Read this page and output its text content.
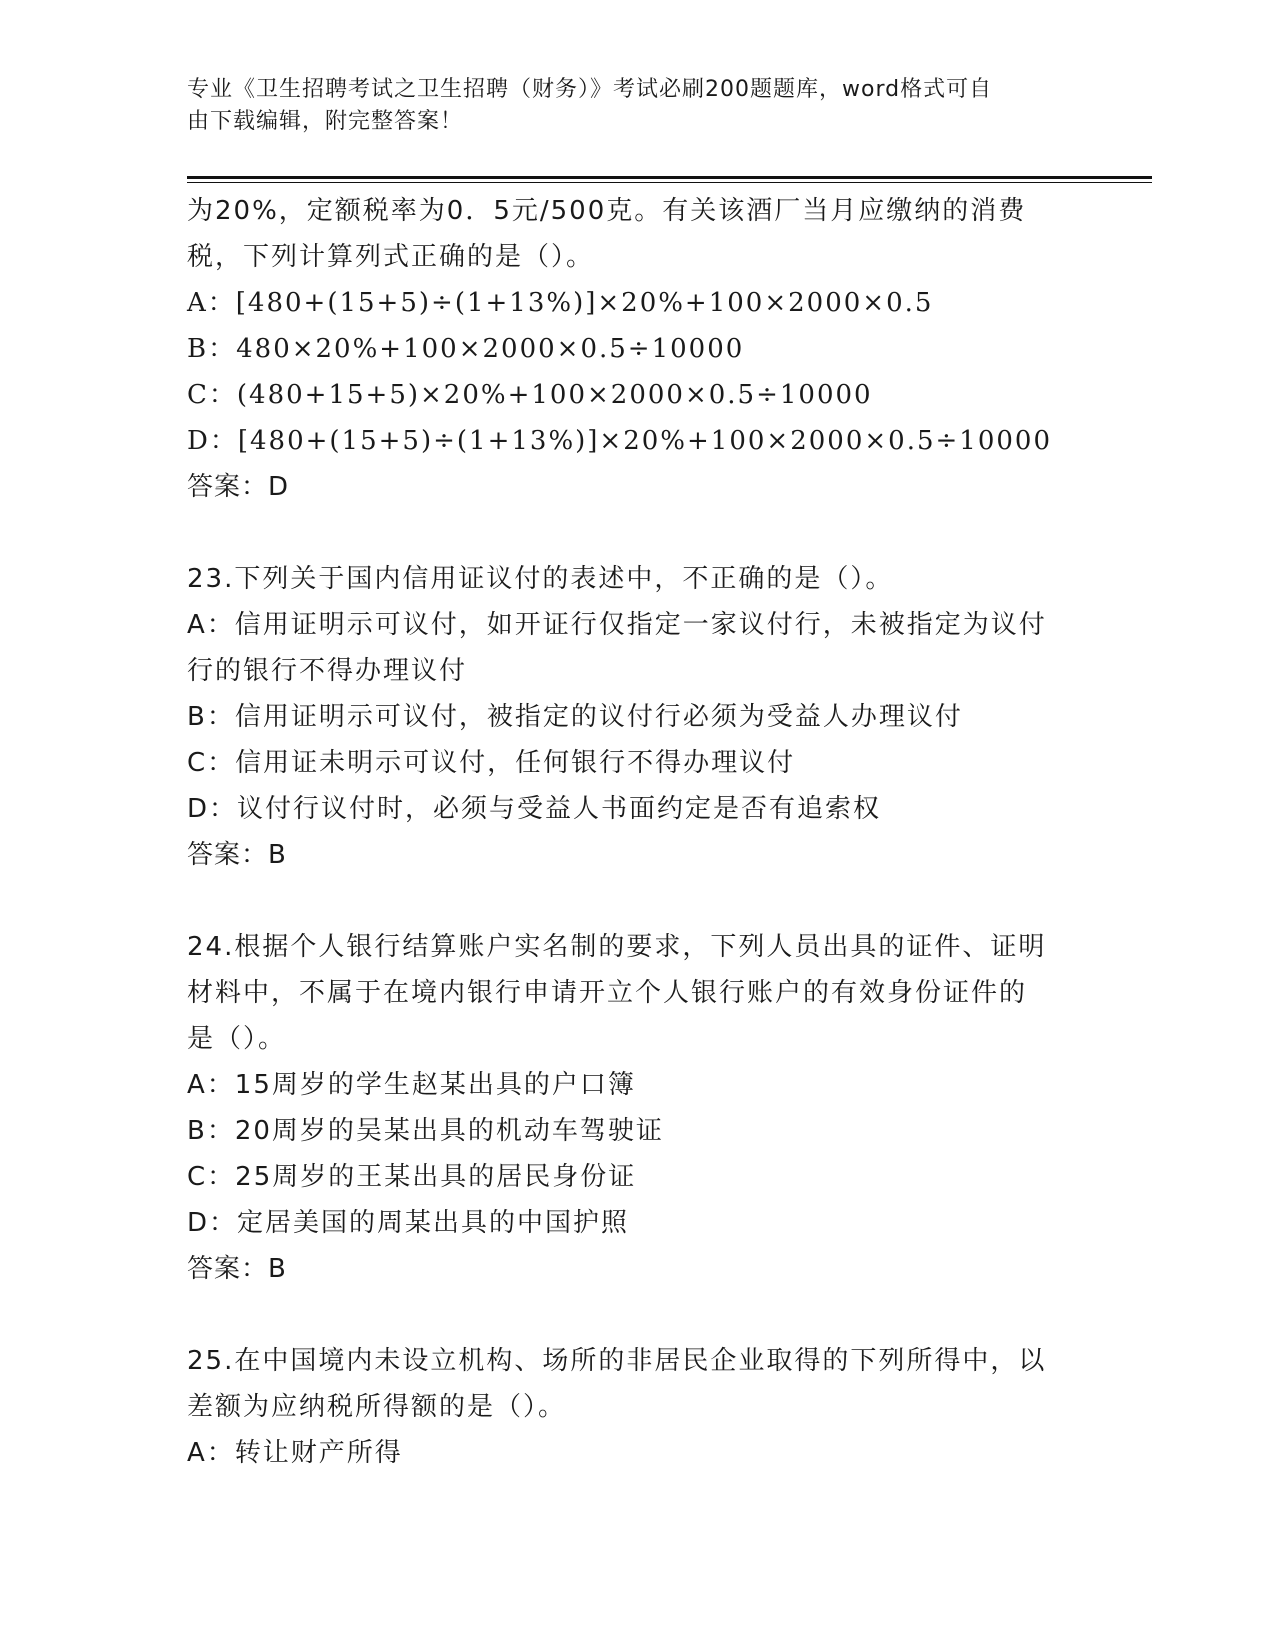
专业《卫生招聘考试之卫生招聘（财务）》考试必刷200题题库，word格式可自
由下载编辑，附完整答案！
为20%，定额税率为0．5元/500克。有关该酒厂当月应缴纳的消费
税，下列计算列式正确的是（）。
A：[480+(15+5)÷(1+13%)]×20%+100×2000×0.5
B：480×20%+100×2000×0.5÷10000
C：(480+15+5)×20%+100×2000×0.5÷10000
D：[480+(15+5)÷(1+13%)]×20%+100×2000×0.5÷10000
答案：D
23.下列关于国内信用证议付的表述中，不正确的是（）。
A：信用证明示可议付，如开证行仅指定一家议付行，未被指定为议付
行的银行不得办理议付
B：信用证明示可议付，被指定的议付行必须为受益人办理议付
C：信用证未明示可议付，任何银行不得办理议付
D：议付行议付时，必须与受益人书面约定是否有追索权
答案：B
24.根据个人银行结算账户实名制的要求，下列人员出具的证件、证明
材料中，不属于在境内银行申请开立个人银行账户的有效身份证件的
是（）。
A：15周岁的学生赵某出具的户口簿
B：20周岁的吴某出具的机动车驾驶证
C：25周岁的王某出具的居民身份证
D：定居美国的周某出具的中国护照
答案：B
25.在中国境内未设立机构、场所的非居民企业取得的下列所得中，以
差额为应纳税所得额的是（）。
A：转让财产所得
